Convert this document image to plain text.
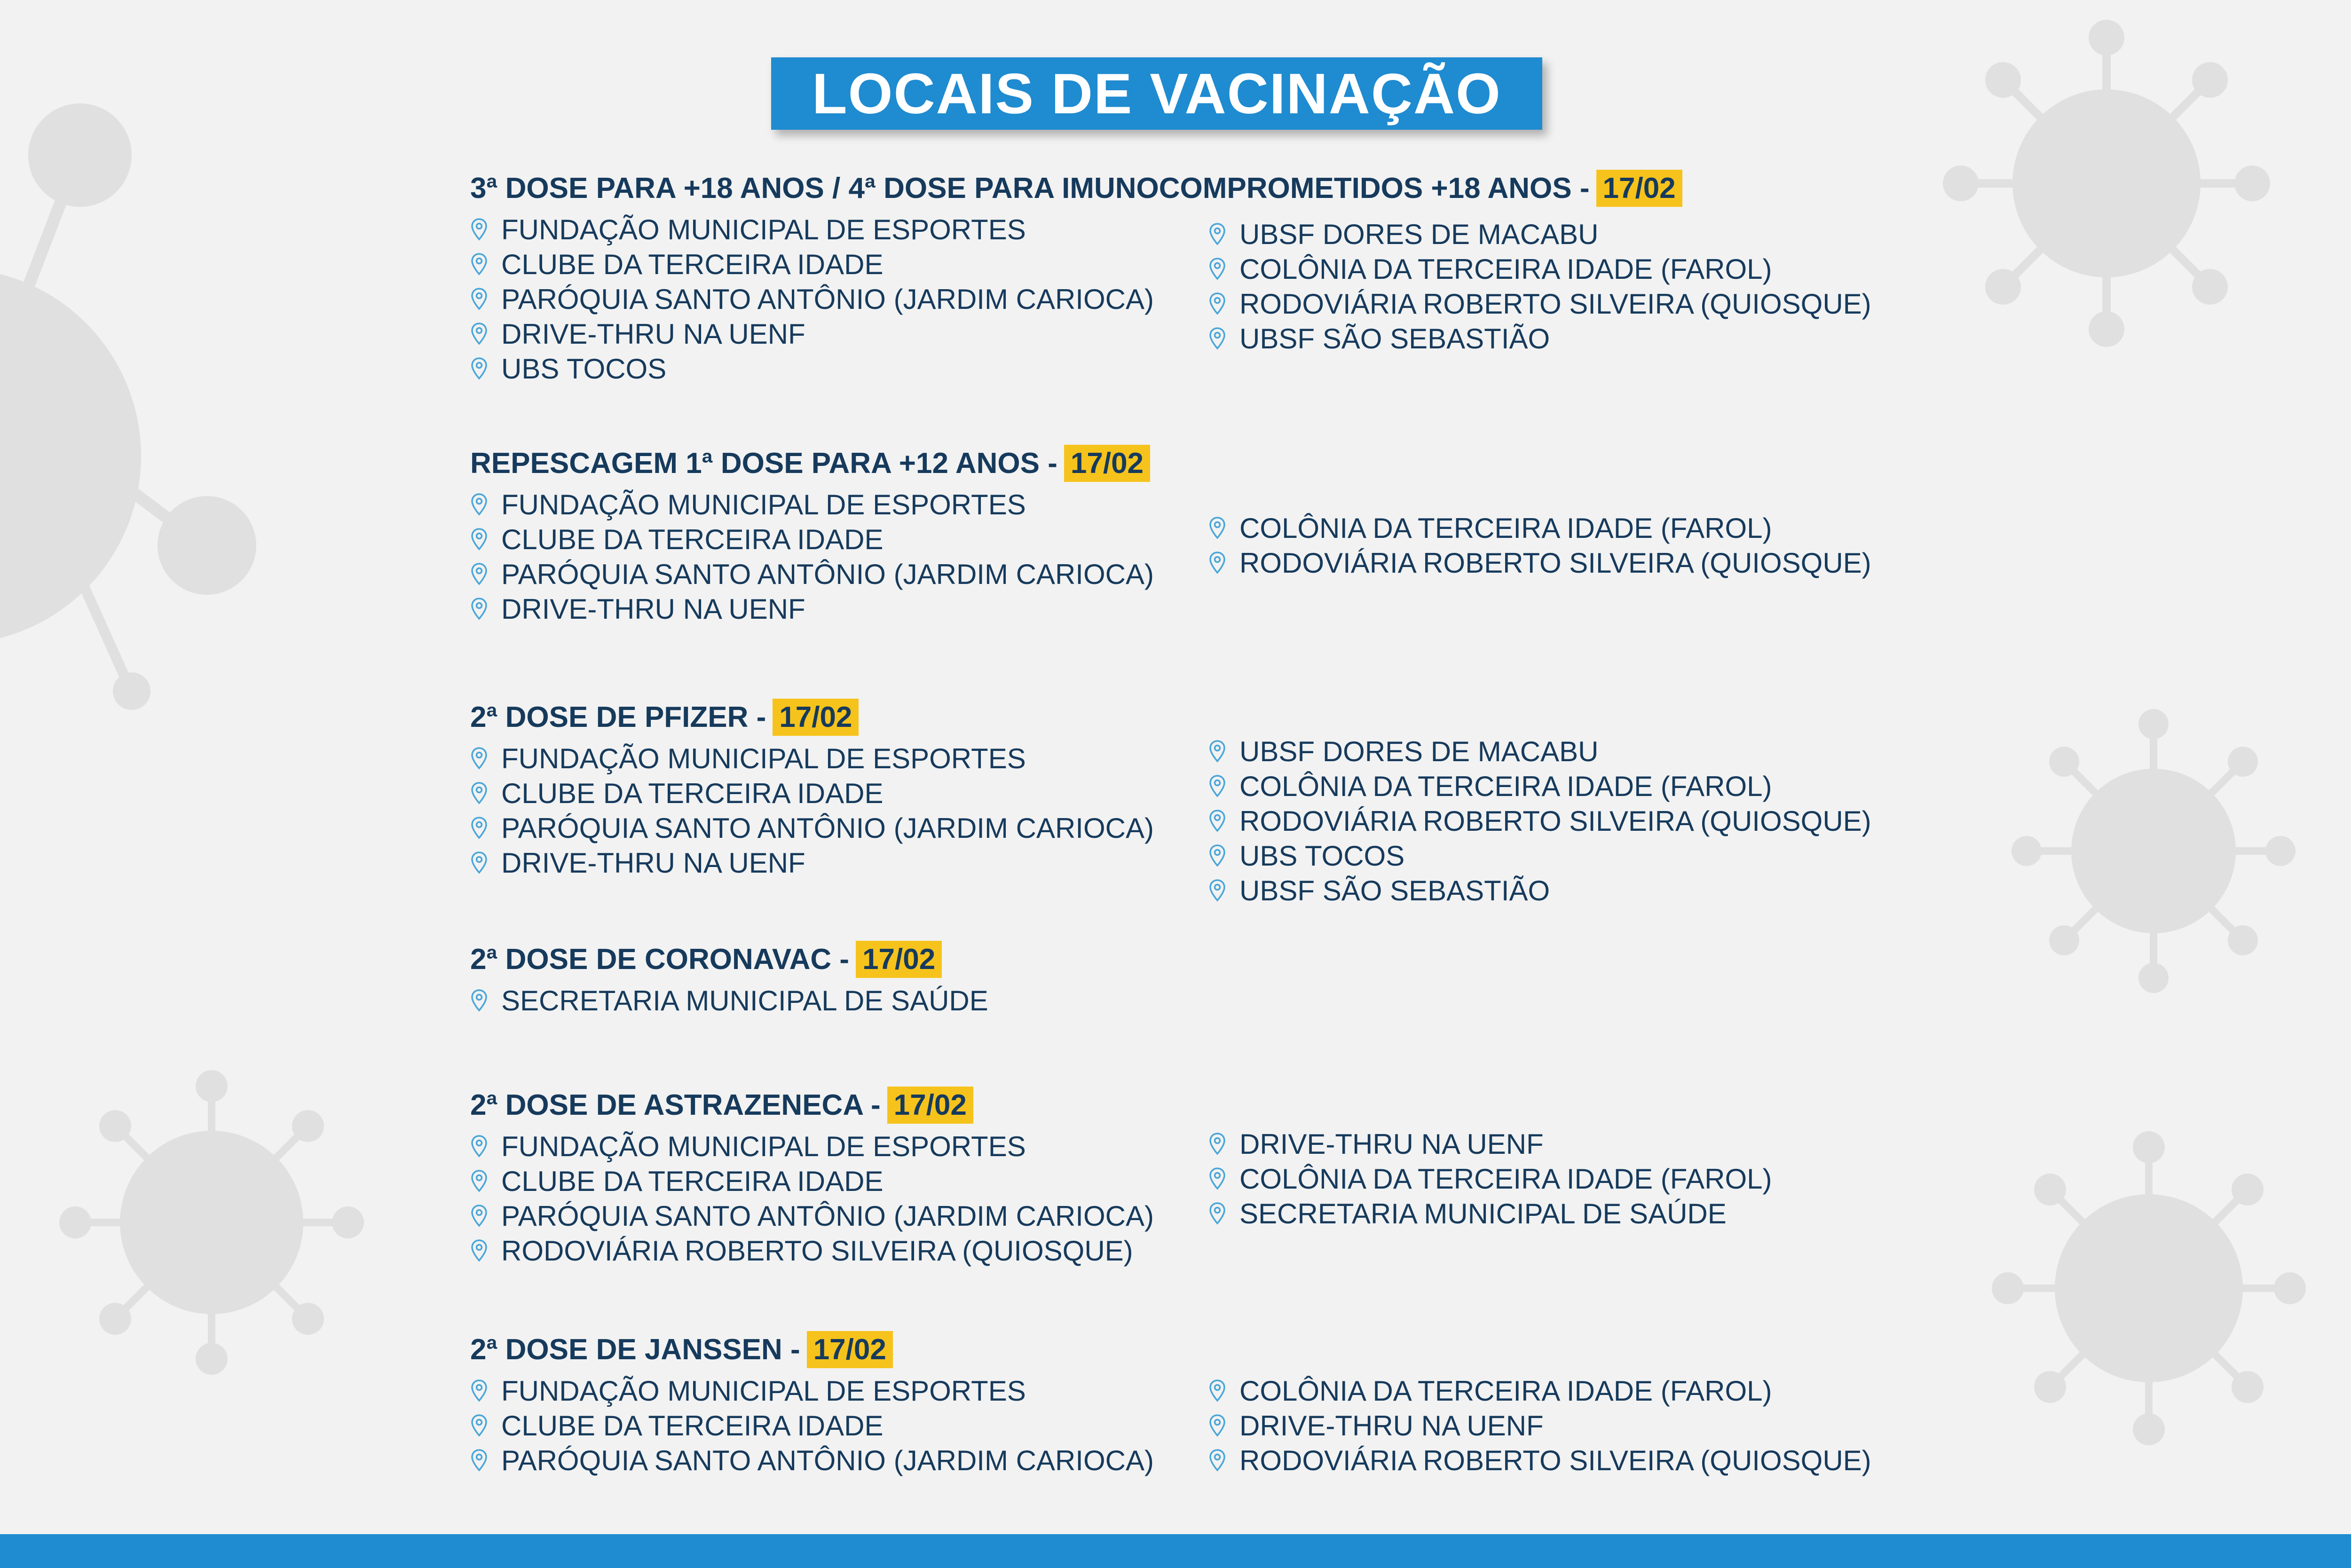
LOCAIS DE VACINAÇÃO
3ª DOSE PARA +18 ANOS / 4ª DOSE PARA IMUNOCOMPROMETIDOS +18 ANOS - 17/02
FUNDAÇÃO MUNICIPAL DE ESPORTES
CLUBE DA TERCEIRA IDADE
PARÓQUIA SANTO ANTÔNIO (JARDIM CARIOCA)
DRIVE-THRU NA UENF
UBS TOCOS
UBSF DORES DE MACABU
COLÔNIA DA TERCEIRA IDADE (FAROL)
RODOVIÁRIA ROBERTO SILVEIRA (QUIOSQUE)
UBSF SÃO SEBASTIÃO
REPESCAGEM 1ª DOSE PARA +12 ANOS - 17/02
FUNDAÇÃO MUNICIPAL DE ESPORTES
CLUBE DA TERCEIRA IDADE
PARÓQUIA SANTO ANTÔNIO (JARDIM CARIOCA)
DRIVE-THRU NA UENF
COLÔNIA DA TERCEIRA IDADE (FAROL)
RODOVIÁRIA ROBERTO SILVEIRA (QUIOSQUE)
2ª DOSE DE PFIZER - 17/02
FUNDAÇÃO MUNICIPAL DE ESPORTES
CLUBE DA TERCEIRA IDADE
PARÓQUIA SANTO ANTÔNIO (JARDIM CARIOCA)
DRIVE-THRU NA UENF
UBSF DORES DE MACABU
COLÔNIA DA TERCEIRA IDADE (FAROL)
RODOVIÁRIA ROBERTO SILVEIRA (QUIOSQUE)
UBS TOCOS
UBSF SÃO SEBASTIÃO
2ª DOSE DE CORONAVAC - 17/02
SECRETARIA MUNICIPAL DE SAÚDE
2ª DOSE DE ASTRAZENECA - 17/02
FUNDAÇÃO MUNICIPAL DE ESPORTES
CLUBE DA TERCEIRA IDADE
PARÓQUIA SANTO ANTÔNIO (JARDIM CARIOCA)
RODOVIÁRIA ROBERTO SILVEIRA (QUIOSQUE)
DRIVE-THRU NA UENF
COLÔNIA DA TERCEIRA IDADE (FAROL)
SECRETARIA MUNICIPAL DE SAÚDE
2ª DOSE DE JANSSEN - 17/02
FUNDAÇÃO MUNICIPAL DE ESPORTES
CLUBE DA TERCEIRA IDADE
PARÓQUIA SANTO ANTÔNIO (JARDIM CARIOCA)
COLÔNIA DA TERCEIRA IDADE (FAROL)
DRIVE-THRU NA UENF
RODOVIÁRIA ROBERTO SILVEIRA (QUIOSQUE)
